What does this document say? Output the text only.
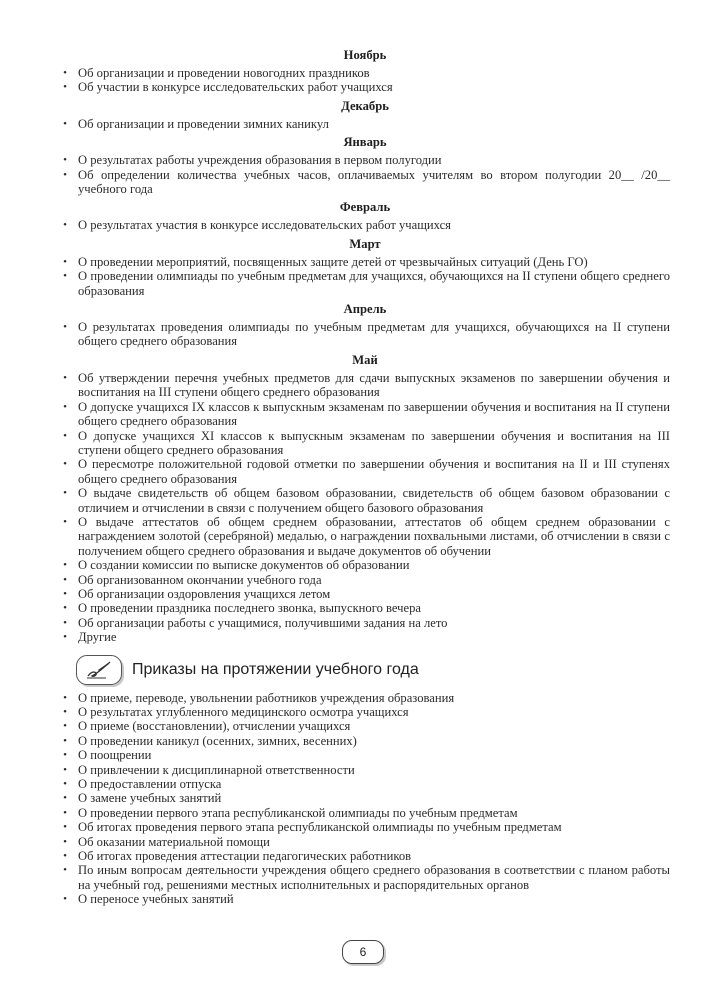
Ноябрь
• Об организации и проведении новогодних праздников
• Об участии в конкурсе исследовательских работ учащихся
Декабрь
• Об организации и проведении зимних каникул
Январь
• О результатах работы учреждения образования в первом полугодии
• Об определении количества учебных часов, оплачиваемых учителям во втором полугодии 20__ /20__ учебного года
Февраль
• О результатах участия в конкурсе исследовательских работ учащихся
Март
• О проведении мероприятий, посвященных защите детей от чрезвычайных ситуаций (День ГО)
• О проведении олимпиады по учебным предметам для учащихся, обучающихся на II ступени общего среднего образования
Апрель
• О результатах проведения олимпиады по учебным предметам для учащихся, обучающихся на II ступени общего среднего образования
Май
• Об утверждении перечня учебных предметов для сдачи выпускных экзаменов по завершении обучения и воспитания на III ступени общего среднего образования
• О допуске учащихся IX классов к выпускным экзаменам по завершении обучения и воспитания на II ступени общего среднего образования
• О допуске учащихся XI классов к выпускным экзаменам по завершении обучения и воспитания на III ступени общего среднего образования
• О пересмотре положительной годовой отметки по завершении обучения и воспитания на II и III ступенях общего среднего образования
• О выдаче свидетельств об общем базовом образовании, свидетельств об общем базовом образовании с отличием и отчислении в связи с получением общего базового образования
• О выдаче аттестатов об общем среднем образовании, аттестатов об общем среднем образовании с награждением золотой (серебряной) медалью, о награждении похвальными листами, об отчислении в связи с получением общего среднего образования и выдаче документов об обучении
• О создании комиссии по выписке документов об образовании
• Об организованном окончании учебного года
• Об организации оздоровления учащихся летом
• О проведении праздника последнего звонка, выпускного вечера
• Об организации работы с учащимися, получившими задания на лето
• Другие
Приказы на протяжении учебного года
• О приеме, переводе, увольнении работников учреждения образования
• О результатах углубленного медицинского осмотра учащихся
• О приеме (восстановлении), отчислении учащихся
• О проведении каникул (осенних, зимних, весенних)
• О поощрении
• О привлечении к дисциплинарной ответственности
• О предоставлении отпуска
• О замене учебных занятий
• О проведении первого этапа республиканской олимпиады по учебным предметам
• Об итогах проведения первого этапа республиканской олимпиады по учебным предметам
• Об оказании материальной помощи
• Об итогах проведения аттестации педагогических работников
• По иным вопросам деятельности учреждения общего среднего образования в соответствии с планом работы на учебный год, решениями местных исполнительных и распорядительных органов
• О переносе учебных занятий
6
